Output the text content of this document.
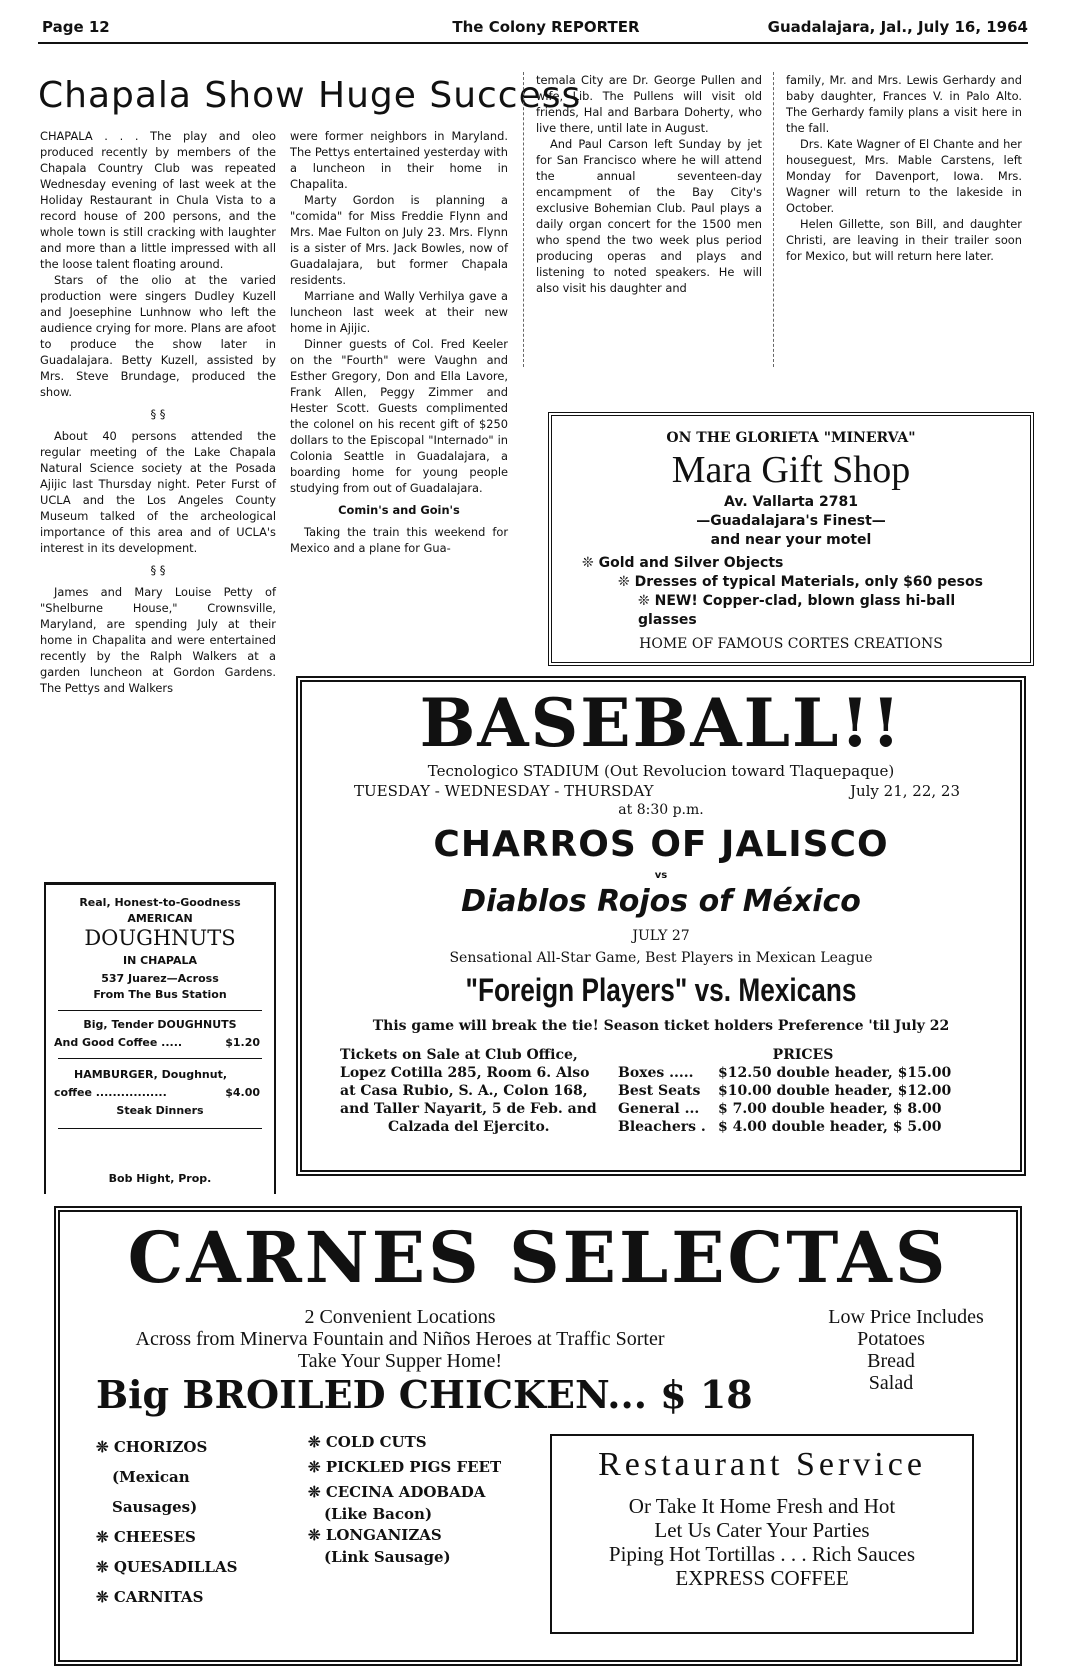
Page 12	The Colony REPORTER	Guadalajara, Jal., July 16, 1964
Chapala Show Huge Success

CHAPALA . . . The play and oleo produced recently by members of the Chapala Country Club was repeated Wednesday evening of last week at the Holiday Restaurant in Chula Vista to a record house of 200 persons, and the whole town is still cracking with laughter and more than a little impressed with all the loose talent floating around.

Stars of the olio at the varied production were singers Dudley Kuzell and Joesephine Lunhnow who left the audience crying for more. Plans are afoot to produce the show later in Guadalajara. Betty Kuzell, assisted by Mrs. Steve Brundage, produced the show.

§ §

About 40 persons attended the regular meeting of the Lake Chapala Natural Science society at the Posada Ajijic last Thursday night. Peter Furst of UCLA and the Los Angeles County Museum talked of the archeological importance of this area and of UCLA's interest in its development.

§ §

James and Mary Louise Petty of "Shelburne House," Crownsville, Maryland, are spending July at their home in Chapalita and were entertained recently by the Ralph Walkers at a garden luncheon at Gordon Gardens. The Pettys and Walkers

were former neighbors in Maryland. The Pettys entertained yesterday with a luncheon in their home in Chapalita.

Marty Gordon is planning a "comida" for Miss Freddie Flynn and Mrs. Mae Fulton on July 23. Mrs. Flynn is a sister of Mrs. Jack Bowles, now of Guadalajara, but former Chapala residents.

Marriane and Wally Verhilya gave a luncheon last week at their new home in Ajijic.

Dinner guests of Col. Fred Keeler on the "Fourth" were Vaughn and Esther Gregory, Don and Ella Lavore, Frank Allen, Peggy Zimmer and Hester Scott. Guests complimented the colonel on his recent gift of $250 dollars to the Episcopal "Internado" in Colonia Seattle in Guadalajara, a boarding home for young people studying from out of Guadalajara.

Comin's and Goin's

Taking the train this weekend for Mexico and a plane for Gua-

temala City are Dr. George Pullen and wife, Lib. The Pullens will visit old friends, Hal and Barbara Doherty, who live there, until late in August.

And Paul Carson left Sunday by jet for San Francisco where he will attend the annual seventeen-day encampment of the Bay City's exclusive Bohemian Club. Paul plays a daily organ concert for the 1500 men who spend the two week plus period producing operas and plays and listening to noted speakers. He will also visit his daughter and

family, Mr. and Mrs. Lewis Gerhardy and baby daughter, Frances V. in Palo Alto. The Gerhardy family plans a visit here in the fall.

Drs. Kate Wagner of El Chante and her houseguest, Mrs. Mable Carstens, left Monday for Davenport, Iowa. Mrs. Wagner will return to the lakeside in October.

Helen Gillette, son Bill, and daughter Christi, are leaving in their trailer soon for Mexico, but will return here later.

ON THE GLORIETA "MINERVA"
Mara Gift Shop
Av. Vallarta 2781
—Guadalajara's Finest—
and near your motel
❊ Gold and Silver Objects
❊ Dresses of typical Materials, only $60 pesos
❊ NEW! Copper-clad, blown glass hi-ball glasses
HOME OF FAMOUS CORTES CREATIONS
Real, Honest-to-Goodness
AMERICAN
DOUGHNUTS
IN CHAPALA
537 Juarez—Across
From The Bus Station
Big, Tender DOUGHNUTS
And Good Coffee .....	$1.20
HAMBURGER, Doughnut,
coffee .................	$4.00
Steak Dinners
Bob Hight, Prop.
BASEBALL!!
Tecnologico STADIUM (Out Revolucion toward Tlaquepaque)
TUESDAY - WEDNESDAY - THURSDAY	July 21, 22, 23
at 8:30 p.m.
CHARROS OF JALISCO
vs
Diablos Rojos of México
JULY 27
Sensational All-Star Game, Best Players in Mexican League
"Foreign Players" vs. Mexicans
This game will break the tie! Season ticket holders Preference 'til July 22
Tickets on Sale at Club Office,
Lopez Cotilla 285, Room 6. Also
at Casa Rubio, S. A., Colon 168,
and Taller Nayarit, 5 de Feb. and
Calzada del Ejercito.
PRICES
Boxes ..... $12.50 double header, $15.00
Best Seats $10.00 double header, $12.00
General ... $ 7.00 double header, $ 8.00
Bleachers . $ 4.00 double header, $ 5.00
CARNES SELECTAS
2 Convenient Locations
Across from Minerva Fountain and Niños Heroes at Traffic Sorter
Take Your Supper Home!
Low Price Includes
Potatoes
Bread
Salad
Big BROILED CHICKEN... $ 18
❊ CHORIZOS
(Mexican Sausages)
❊ CHEESES
❊ QUESADILLAS
❊ CARNITAS
❊ COLD CUTS
❊ PICKLED PIGS FEET
❊ CECINA ADOBADA
(Like Bacon)
❊ LONGANIZAS
(Link Sausage)
Restaurant Service
Or Take It Home Fresh and Hot
Let Us Cater Your Parties
Piping Hot Tortillas . . . Rich Sauces
EXPRESS COFFEE
